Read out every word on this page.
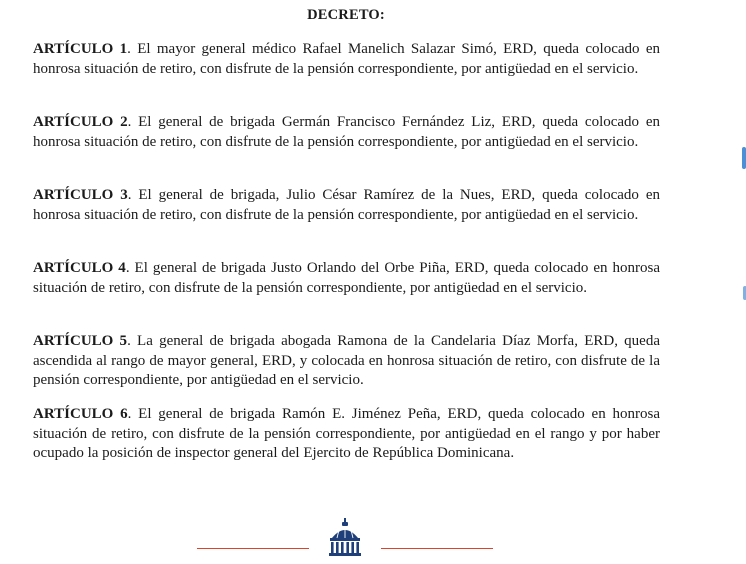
DECRETO:

ARTÍCULO 1. El mayor general médico Rafael Manelich Salazar Simó, ERD, queda colocado en honrosa situación de retiro, con disfrute de la pensión correspondiente, por antigüedad en el servicio.

ARTÍCULO 2. El general de brigada Germán Francisco Fernández Liz, ERD, queda colocado en honrosa situación de retiro, con disfrute de la pensión correspondiente, por antigüedad en el servicio.

ARTÍCULO 3. El general de brigada, Julio César Ramírez de la Nues, ERD, queda colocado en honrosa situación de retiro, con disfrute de la pensión correspondiente, por antigüedad en el servicio.

ARTÍCULO 4. El general de brigada Justo Orlando del Orbe Piña, ERD, queda colocado en honrosa situación de retiro, con disfrute de la pensión correspondiente, por antigüedad en el servicio.

ARTÍCULO 5. La general de brigada abogada Ramona de la Candelaria Díaz Morfa, ERD, queda ascendida al rango de mayor general, ERD, y colocada en honrosa situación de retiro, con disfrute de la pensión correspondiente, por antigüedad en el servicio.

ARTÍCULO 6. El general de brigada Ramón E. Jiménez Peña, ERD, queda colocado en honrosa situación de retiro, con disfrute de la pensión correspondiente, por antigüedad en el rango y por haber ocupado la posición de inspector general del Ejercito de República Dominicana.
